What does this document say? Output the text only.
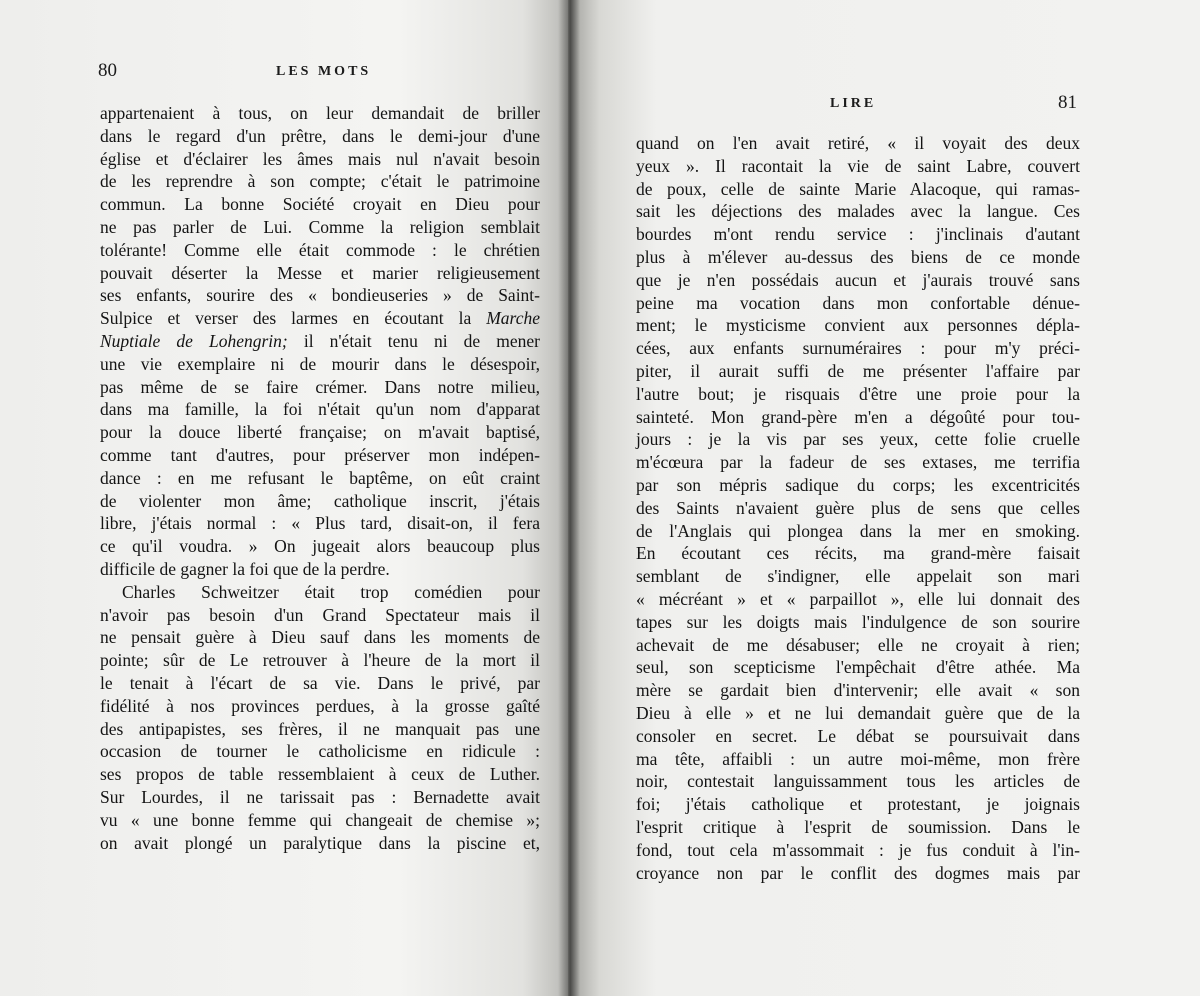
80	LES MOTS
appartenaient à tous, on leur demandait de briller
dans le regard d'un prêtre, dans le demi-jour d'une
église et d'éclairer les âmes mais nul n'avait besoin
de les reprendre à son compte; c'était le patrimoine
commun. La bonne Société croyait en Dieu pour
ne pas parler de Lui. Comme la religion semblait
tolérante! Comme elle était commode : le chrétien
pouvait déserter la Messe et marier religieusement
ses enfants, sourire des « bondieuseries » de Saint-
Sulpice et verser des larmes en écoutant la Marche
Nuptiale de Lohengrin; il n'était tenu ni de mener
une vie exemplaire ni de mourir dans le désespoir,
pas même de se faire crémer. Dans notre milieu,
dans ma famille, la foi n'était qu'un nom d'apparat
pour la douce liberté française; on m'avait baptisé,
comme tant d'autres, pour préserver mon indépen-
dance : en me refusant le baptême, on eût craint
de violenter mon âme; catholique inscrit, j'étais
libre, j'étais normal : « Plus tard, disait-on, il fera
ce qu'il voudra. » On jugeait alors beaucoup plus
difficile de gagner la foi que de la perdre.
Charles Schweitzer était trop comédien pour
n'avoir pas besoin d'un Grand Spectateur mais il
ne pensait guère à Dieu sauf dans les moments de
pointe; sûr de Le retrouver à l'heure de la mort il
le tenait à l'écart de sa vie. Dans le privé, par
fidélité à nos provinces perdues, à la grosse gaîté
des antipapistes, ses frères, il ne manquait pas une
occasion de tourner le catholicisme en ridicule :
ses propos de table ressemblaient à ceux de Luther.
Sur Lourdes, il ne tarissait pas : Bernadette avait
vu « une bonne femme qui changeait de chemise »;
on avait plongé un paralytique dans la piscine et,
LIRE	81
quand on l'en avait retiré, « il voyait des deux
yeux ». Il racontait la vie de saint Labre, couvert
de poux, celle de sainte Marie Alacoque, qui ramas-
sait les déjections des malades avec la langue. Ces
bourdes m'ont rendu service : j'inclinais d'autant
plus à m'élever au-dessus des biens de ce monde
que je n'en possédais aucun et j'aurais trouvé sans
peine ma vocation dans mon confortable dénue-
ment; le mysticisme convient aux personnes dépla-
cées, aux enfants surnuméraires : pour m'y préci-
piter, il aurait suffi de me présenter l'affaire par
l'autre bout; je risquais d'être une proie pour la
sainteté. Mon grand-père m'en a dégoûté pour tou-
jours : je la vis par ses yeux, cette folie cruelle
m'écœura par la fadeur de ses extases, me terrifia
par son mépris sadique du corps; les excentricités
des Saints n'avaient guère plus de sens que celles
de l'Anglais qui plongea dans la mer en smoking.
En écoutant ces récits, ma grand-mère faisait
semblant de s'indigner, elle appelait son mari
« mécréant » et « parpaillot », elle lui donnait des
tapes sur les doigts mais l'indulgence de son sourire
achevait de me désabuser; elle ne croyait à rien;
seul, son scepticisme l'empêchait d'être athée. Ma
mère se gardait bien d'intervenir; elle avait « son
Dieu à elle » et ne lui demandait guère que de la
consoler en secret. Le débat se poursuivait dans
ma tête, affaibli : un autre moi-même, mon frère
noir, contestait languissamment tous les articles de
foi; j'étais catholique et protestant, je joignais
l'esprit critique à l'esprit de soumission. Dans le
fond, tout cela m'assommait : je fus conduit à l'in-
croyance non par le conflit des dogmes mais par
